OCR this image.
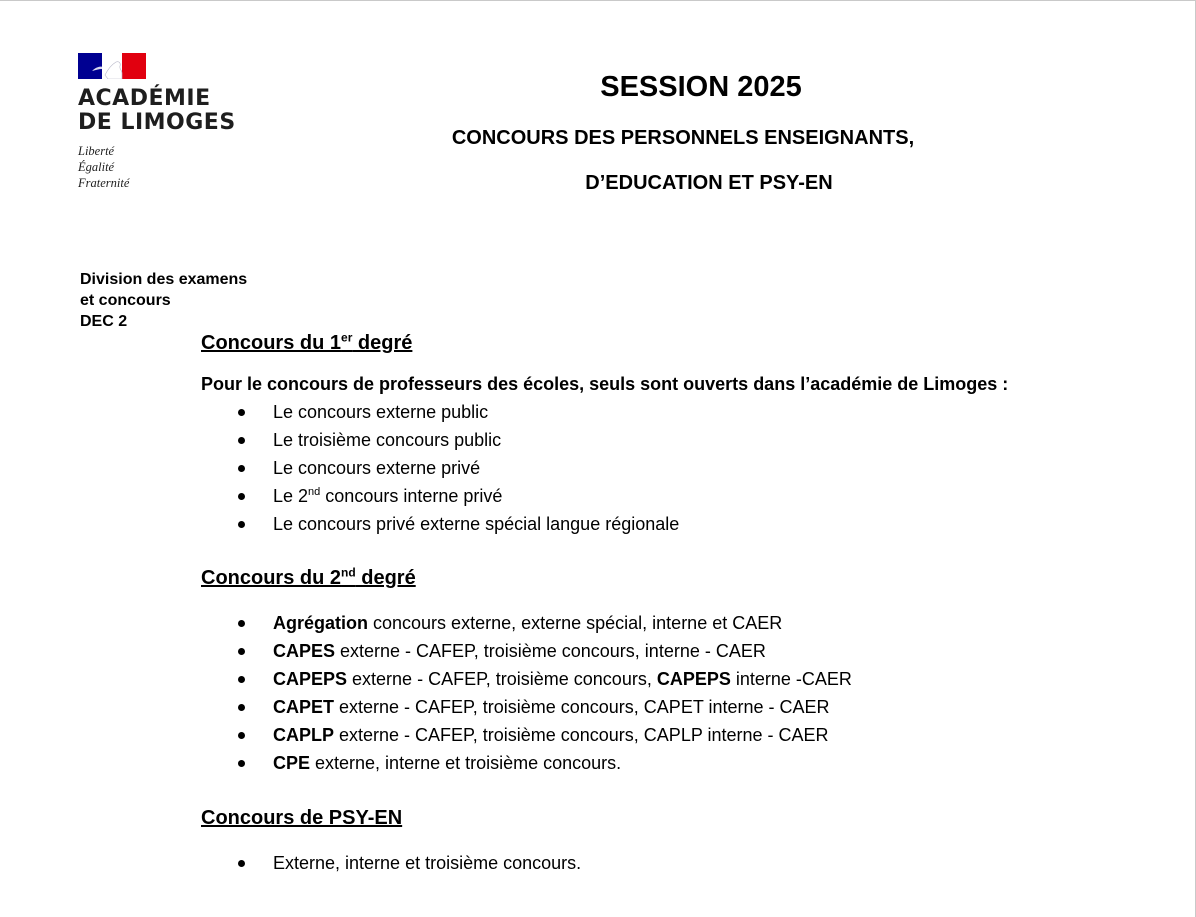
ACADÉMIE
DE LIMOGES
Liberté
Égalité
Fraternité
SESSION 2025
CONCOURS DES PERSONNELS ENSEIGNANTS,
D’EDUCATION ET PSY-EN
Division des examens
et concours
DEC 2
Concours du 1er degré

Pour le concours de professeurs des écoles, seuls sont ouverts dans l’académie de Limoges :

Le concours externe public
Le troisième concours public
Le concours externe privé
Le 2nd concours interne privé
Le concours privé externe spécial langue régionale
Concours du 2nd degré
Agrégation concours externe, externe spécial, interne et CAER
CAPES externe - CAFEP, troisième concours, interne - CAER
CAPEPS externe - CAFEP, troisième concours, CAPEPS interne -CAER
CAPET externe - CAFEP, troisième concours, CAPET interne - CAER
CAPLP externe - CAFEP, troisième concours, CAPLP interne - CAER
CPE externe, interne et troisième concours.
Concours de PSY-EN
Externe, interne et troisième concours.
